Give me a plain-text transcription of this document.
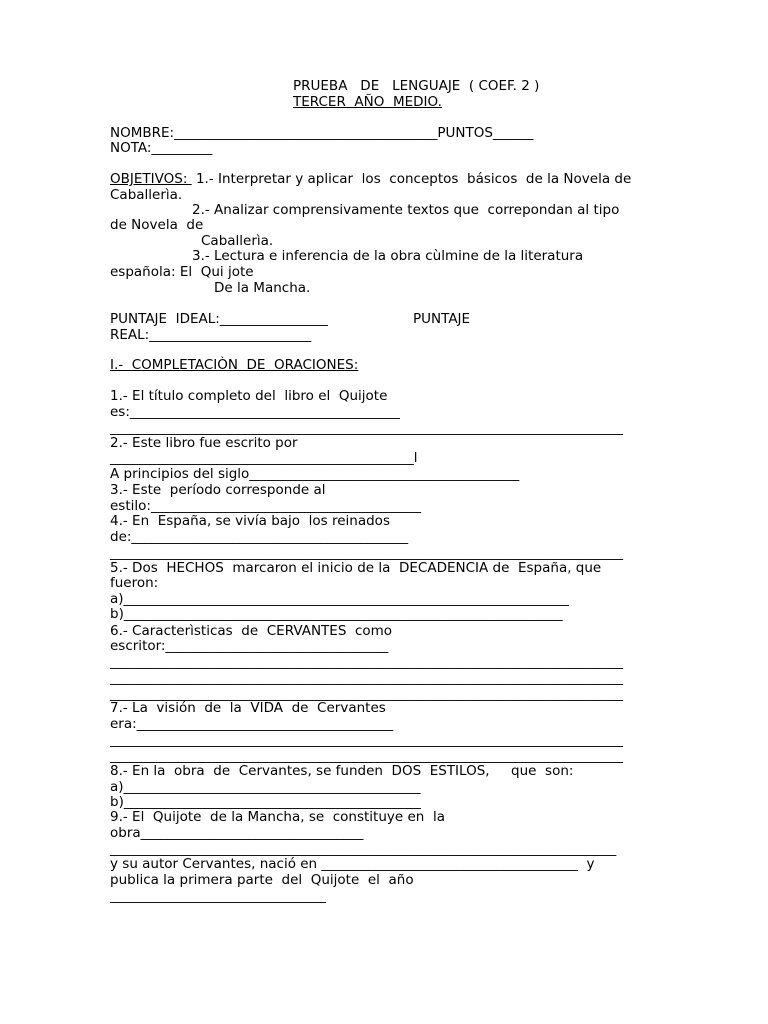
PRUEBA   DE   LENGUAJE  ( COEF. 2 )
TERCER  AÑO  MEDIO.
NOMBRE:_______________________________________PUNTOS______
NOTA:_________
OBJETIVOS:  1.- Interpretar y aplicar  los  conceptos  básicos  de la Novela de
Caballerìa.
2.- Analizar comprensivamente textos que  correpondan al tipo
de Novela  de
Caballerìa.
3.- Lectura e inferencia de la obra cùlmine de la literatura
española: El  Qui jote
De la Mancha.
PUNTAJE  IDEAL:________________	PUNTAJE
REAL:________________________
I.-  COMPLETACIÒN  DE  ORACIONES:
1.- El título completo del  libro el  Quijote
es:________________________________________
____________________________________________________________________________
2.- Este libro fue escrito por
_____________________________________________l
A principios del siglo________________________________________
3.- Este  período corresponde al
estilo:________________________________________
4.- En  España, se vivía bajo  los reinados
de:_________________________________________
____________________________________________________________________________
5.- Dos  HECHOS  marcaron el inicio de la  DECADENCIA de  España, que
fueron:
a)__________________________________________________________________
b)_________________________________________________________________
6.- Caracterìsticas  de  CERVANTES  como
escritor:_________________________________
____________________________________________________________________________
____________________________________________________________________________
____________________________________________________________________________
7.- La  visión  de  la  VIDA  de  Cervantes
era:______________________________________
____________________________________________________________________________
____________________________________________________________________________
8.- En la  obra  de  Cervantes, se funden  DOS  ESTILOS,     que  son:
a)____________________________________________
b)____________________________________________
9.- El  Quijote  de la Mancha, se  constituye en  la
obra_________________________________
___________________________________________________________________________
y su autor Cervantes, nació en ______________________________________  y
publica la primera parte  del  Quijote  el  año
________________________________
